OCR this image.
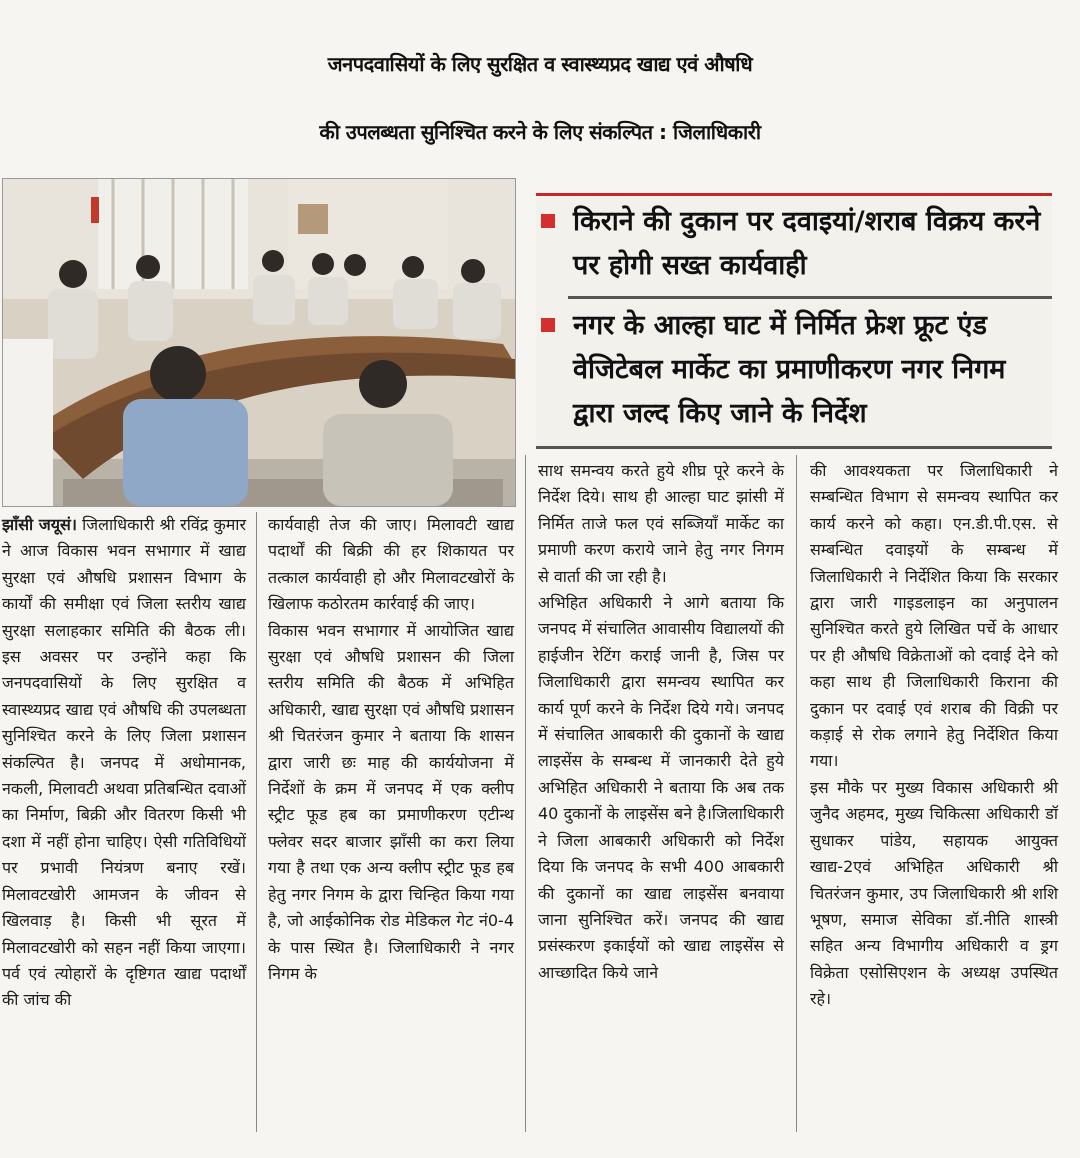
जनपदवासियों के लिए सुरक्षित व स्वास्थ्यप्रद खाद्य एवं औषधि
की उपलब्धता सुनिश्चित करने के लिए संकल्पित : जिलाधिकारी
किराने की दुकान पर दवाइयां/शराब विक्रय करने पर होगी सख्त कार्यवाही
नगर के आल्हा घाट में निर्मित फ्रेश फ्रूट एंड वेजिटेबल मार्केट का प्रमाणीकरण नगर निगम द्वारा जल्द किए जाने के निर्देश

झाँसी जयूसं। जिलाधिकारी श्री रविंद्र कुमार ने आज विकास भवन सभागार में खाद्य सुरक्षा एवं औषधि प्रशासन विभाग के कार्यों की समीक्षा एवं जिला स्तरीय खाद्य सुरक्षा सलाहकार समिति की बैठक ली। इस अवसर पर उन्होंने कहा कि जनपदवासियों के लिए सुरक्षित व स्वास्थ्यप्रद खाद्य एवं औषधि की उपलब्धता सुनिश्चित करने के लिए जिला प्रशासन संकल्पित है। जनपद में अधोमानक, नकली, मिलावटी अथवा प्रतिबन्धित दवाओं का निर्माण, बिक्री और वितरण किसी भी दशा में नहीं होना चाहिए। ऐसी गतिविधियों पर प्रभावी नियंत्रण बनाए रखें। मिलावटखोरी आमजन के जीवन से खिलवाड़ है। किसी भी सूरत में मिलावटखोरी को सहन नहीं किया जाएगा। पर्व एवं त्योहारों के दृष्टिगत खाद्य पदार्थों की जांच की

कार्यवाही तेज की जाए। मिलावटी खाद्य पदार्थों की बिक्री की हर शिकायत पर तत्काल कार्यवाही हो और मिलावटखोरों के खिलाफ कठोरतम कार्रवाई की जाए।

विकास भवन सभागार में आयोजित खाद्य सुरक्षा एवं औषधि प्रशासन की जिला स्तरीय समिति की बैठक में अभिहित अधिकारी, खाद्य सुरक्षा एवं औषधि प्रशासन श्री चितरंजन कुमार ने बताया कि शासन द्वारा जारी छः माह की कार्ययोजना में निर्देशों के क्रम में जनपद में एक क्लीप स्ट्रीट फूड हब का प्रमाणीकरण एटीन्थ फ्लेवर सदर बाजार झाँसी का करा लिया गया है तथा एक अन्य क्लीप स्ट्रीट फूड हब हेतु नगर निगम के द्वारा चिन्हित किया गया है, जो आईकोनिक रोड मेडिकल गेट नं0-4 के पास स्थित है। जिलाधिकारी ने नगर निगम के

साथ समन्वय करते हुये शीघ्र पूरे करने के निर्देश दिये। साथ ही आल्हा घाट झांसी में निर्मित ताजे फल एवं सब्जियाँ मार्केट का प्रमाणी करण कराये जाने हेतु नगर निगम से वार्ता की जा रही है।

अभिहित अधिकारी ने आगे बताया कि जनपद में संचालित आवासीय विद्यालयों की हाईजीन रेटिंग कराई जानी है, जिस पर जिलाधिकारी द्वारा समन्वय स्थापित कर कार्य पूर्ण करने के निर्देश दिये गये। जनपद में संचालित आबकारी की दुकानों के खाद्य लाइसेंस के सम्बन्ध में जानकारी देते हुये अभिहित अधिकारी ने बताया कि अब तक 40 दुकानों के लाइसेंस बने है।जिलाधिकारी ने जिला आबकारी अधिकारी को निर्देश दिया कि जनपद के सभी 400 आबकारी की दुकानों का खाद्य लाइसेंस बनवाया जाना सुनिश्चित करें। जनपद की खाद्य प्रसंस्करण इकाईयों को खाद्य लाइसेंस से आच्छादित किये जाने

की आवश्यकता पर जिलाधिकारी ने सम्बन्धित विभाग से समन्वय स्थापित कर कार्य करने को कहा। एन.डी.पी.एस. से सम्बन्धित दवाइयों के सम्बन्ध में जिलाधिकारी ने निर्देशित किया कि सरकार द्वारा जारी गाइडलाइन का अनुपालन सुनिश्चित करते हुये लिखित पर्चे के आधार पर ही औषधि विक्रेताओं को दवाई देने को कहा साथ ही जिलाधिकारी किराना की दुकान पर दवाई एवं शराब की विक्री पर कड़ाई से रोक लगाने हेतु निर्देशित किया गया।

इस मौके पर मुख्य विकास अधिकारी श्री जुनैद अहमद, मुख्य चिकित्सा अधिकारी डॉ सुधाकर पांडेय, सहायक आयुक्त खाद्य-2एवं अभिहित अधिकारी श्री चितरंजन कुमार, उप जिलाधिकारी श्री शशि भूषण, समाज सेविका डॉ.नीति शास्त्री सहित अन्य विभागीय अधिकारी व ड्रग विक्रेता एसोसिएशन के अध्यक्ष उपस्थित रहे।
